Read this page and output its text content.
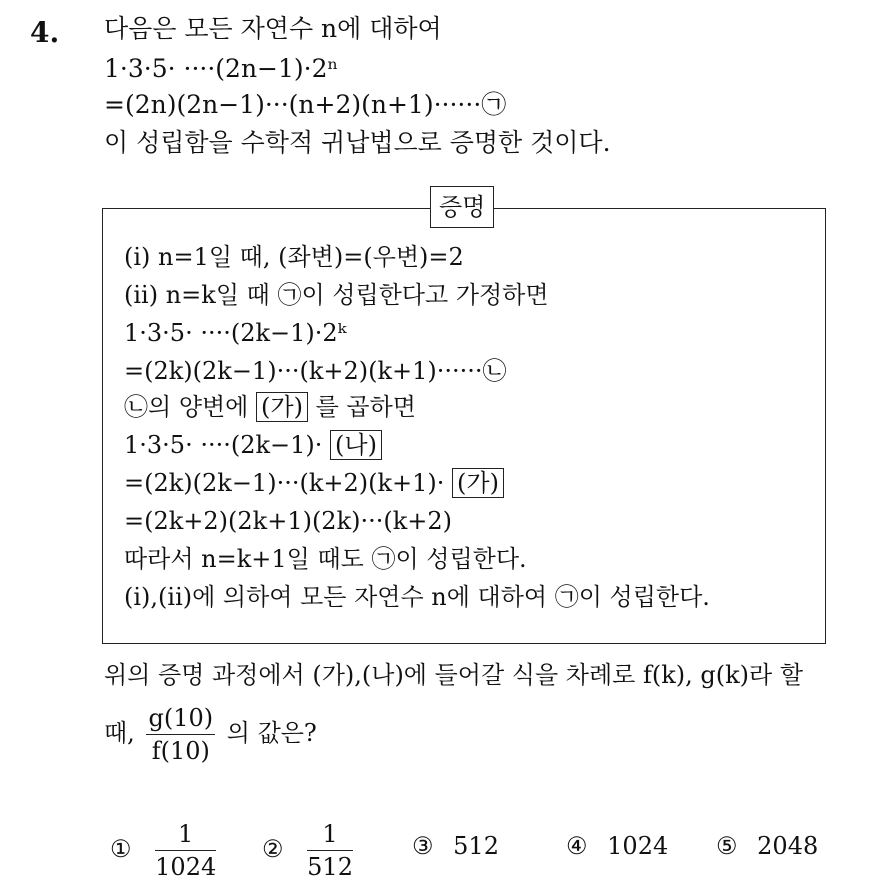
4. 다음은 모든 자연수 n에 대하여
1·3·5· ····(2n−1)·2ⁿ
=(2n)(2n−1)···(n+2)(n+1)······㉠
이 성립함을 수학적 귀납법으로 증명한 것이다.
증명
(i) n=1일 때, (좌변)=(우변)=2
(ii) n=k일 때 ㉠이 성립한다고 가정하면
1·3·5· ····(2k−1)·2ᵏ
=(2k)(2k−1)···(k+2)(k+1)······㉡
㉡의 양변에 (가) 를 곱하면
1·3·5· ····(2k−1)· (나)
=(2k)(2k−1)···(k+2)(k+1)· (가)
=(2k+2)(2k+1)(2k)···(k+2)
따라서 n=k+1일 때도 ㉠이 성립한다.
(i),(ii)에 의하여 모든 자연수 n에 대하여 ㉠이 성립한다.
위의 증명 과정에서 (가),(나)에 들어갈 식을 차례로 f(k), g(k)라 할
때, $\frac{g(10)}{f(10)}$ 의 값은?
① $\frac{1}{1024}$ ② $\frac{1}{512}$ ③ 512	④ 1024 ⑤ 2048
